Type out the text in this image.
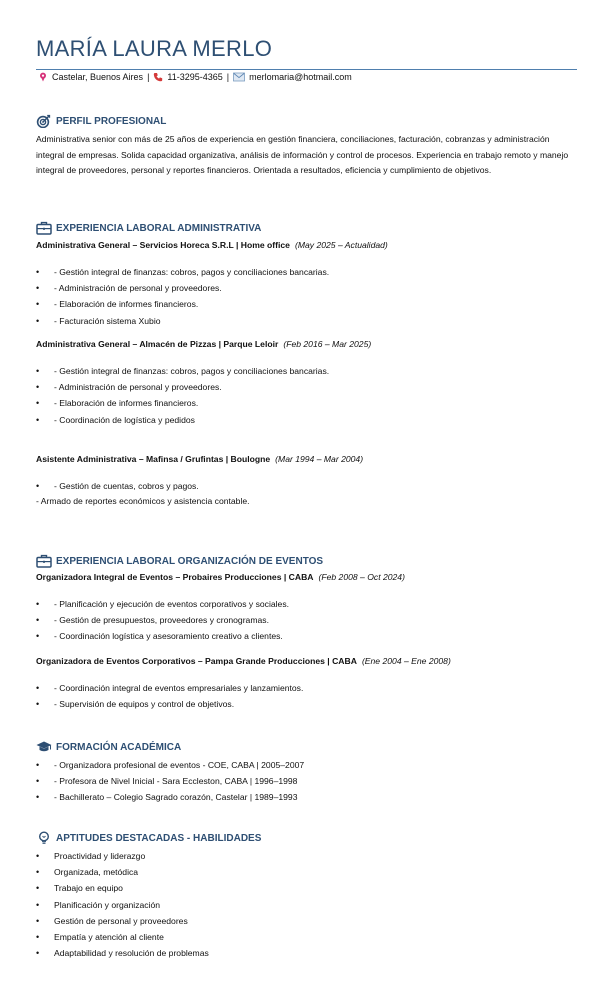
MARÍA LAURA MERLO
Castelar, Buenos Aires | 11-3295-4365 | merlomaria@hotmail.com
PERFIL PROFESIONAL

Administrativa senior con más de 25 años de experiencia en gestión financiera, conciliaciones, facturación, cobranzas y administración integral de empresas. Solida capacidad organizativa, análisis de información y control de procesos. Experiencia en trabajo remoto y manejo integral de proveedores, personal y reportes financieros. Orientada a resultados, eficiencia y cumplimiento de objetivos.

EXPERIENCIA LABORAL ADMINISTRATIVA
Administrativa General – Servicios Horeca S.R.L | Home office (May 2025 – Actualidad)
• - Gestión integral de finanzas: cobros, pagos y conciliaciones bancarias.
• - Administración de personal y proveedores.
• - Elaboración de informes financieros.
• - Facturación sistema Xubio
Administrativa General – Almacén de Pizzas | Parque Leloir (Feb 2016 – Mar 2025)
• - Gestión integral de finanzas: cobros, pagos y conciliaciones bancarias.
• - Administración de personal y proveedores.
• - Elaboración de informes financieros.
• - Coordinación de logística y pedidos
Asistente Administrativa – Mafinsa / Grufintas | Boulogne (Mar 1994 – Mar 2004)
• - Gestión de cuentas, cobros y pagos.
- Armado de reportes económicos y asistencia contable.
EXPERIENCIA LABORAL ORGANIZACIÓN DE EVENTOS
Organizadora Integral de Eventos – Probaires Producciones | CABA (Feb 2008 – Oct 2024)
• - Planificación y ejecución de eventos corporativos y sociales.
• - Gestión de presupuestos, proveedores y cronogramas.
• - Coordinación logística y asesoramiento creativo a clientes.
Organizadora de Eventos Corporativos – Pampa Grande Producciones | CABA (Ene 2004 – Ene 2008)
• - Coordinación integral de eventos empresariales y lanzamientos.
• - Supervisión de equipos y control de objetivos.
FORMACIÓN ACADÉMICA
• - Organizadora profesional de eventos - COE, CABA | 2005–2007
• - Profesora de Nivel Inicial - Sara Eccleston, CABA | 1996–1998
• - Bachillerato – Colegio Sagrado corazón, Castelar | 1989–1993
APTITUDES DESTACADAS - HABILIDADES
• Proactividad y liderazgo
• Organizada, metódica
• Trabajo en equipo
• Planificación y organización
• Gestión de personal y proveedores
• Empatía y atención al cliente
• Adaptabilidad y resolución de problemas
